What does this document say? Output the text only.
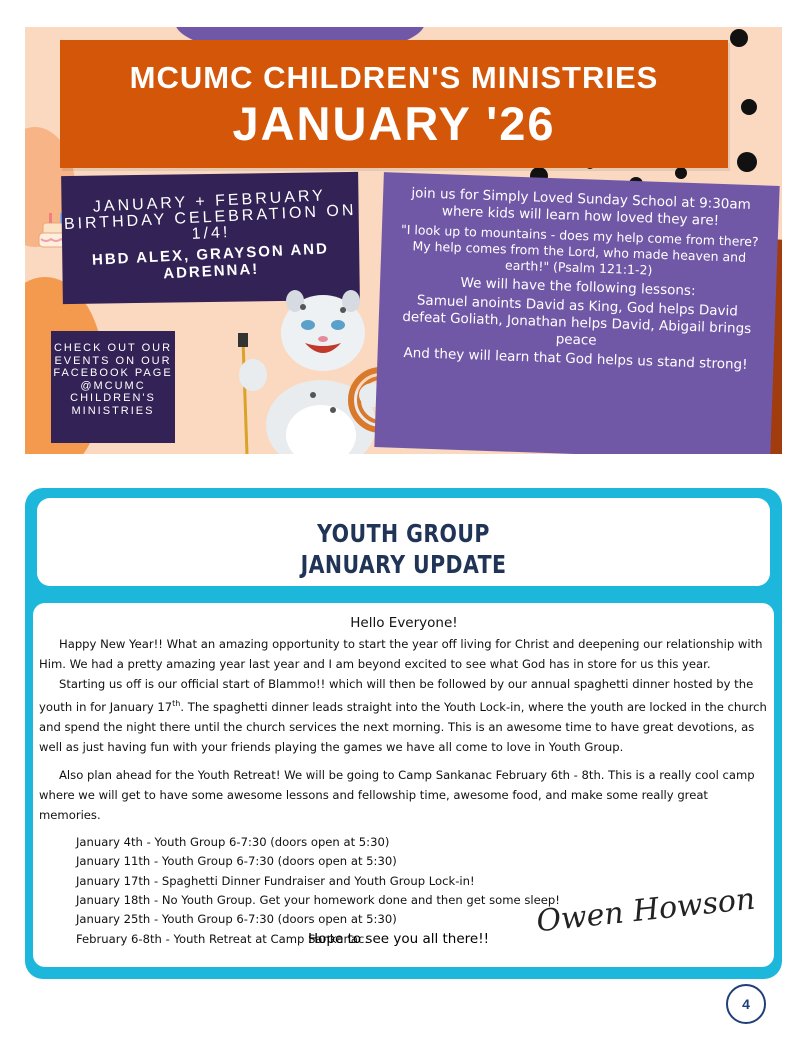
MCUMC CHILDREN'S MINISTRIES
JANUARY '26
JANUARY + FEBRUARY BIRTHDAY CELEBRATION ON 1/4!
HBD ALEX, GRAYSON AND ADRENNA!
CHECK OUT OUR EVENTS ON OUR FACEBOOK PAGE @MCUMC CHILDREN'S MINISTRIES
join us for Simply Loved Sunday School at 9:30am where kids will learn how loved they are!
"I look up to mountains - does my help come from there? My help comes from the Lord, who made heaven and earth!" (Psalm 121:1-2)
We will have the following lessons:
Samuel anoints David as King, God helps David defeat Goliath, Jonathan helps David, Abigail brings peace
And they will learn that God helps us stand strong!
YOUTH GROUP
JANUARY UPDATE
Hello Everyone!

Happy New Year!! What an amazing opportunity to start the year off living for Christ and deepening our relationship with Him. We had a pretty amazing year last year and I am beyond excited to see what God has in store for us this year.

Starting us off is our official start of Blammo!! which will then be followed by our annual spaghetti dinner hosted by the youth in for January 17th. The spaghetti dinner leads straight into the Youth Lock-in, where the youth are locked in the church and spend the night there until the church services the next morning. This is an awesome time to have great devotions, as well as just having fun with your friends playing the games we have all come to love in Youth Group.

Also plan ahead for the Youth Retreat! We will be going to Camp Sankanac February 6th - 8th. This is a really cool camp where we will get to have some awesome lessons and fellowship time, awesome food, and make some really great memories.

January 4th - Youth Group 6-7:30 (doors open at 5:30)
January 11th - Youth Group 6-7:30 (doors open at 5:30)
January 17th - Spaghetti Dinner Fundraiser and Youth Group Lock-in!
January 18th - No Youth Group. Get your homework done and then get some sleep!
January 25th - Youth Group 6-7:30 (doors open at 5:30)
February 6-8th - Youth Retreat at Camp Sankanac.	Owen Howson
Hope to see you all there!!
4
